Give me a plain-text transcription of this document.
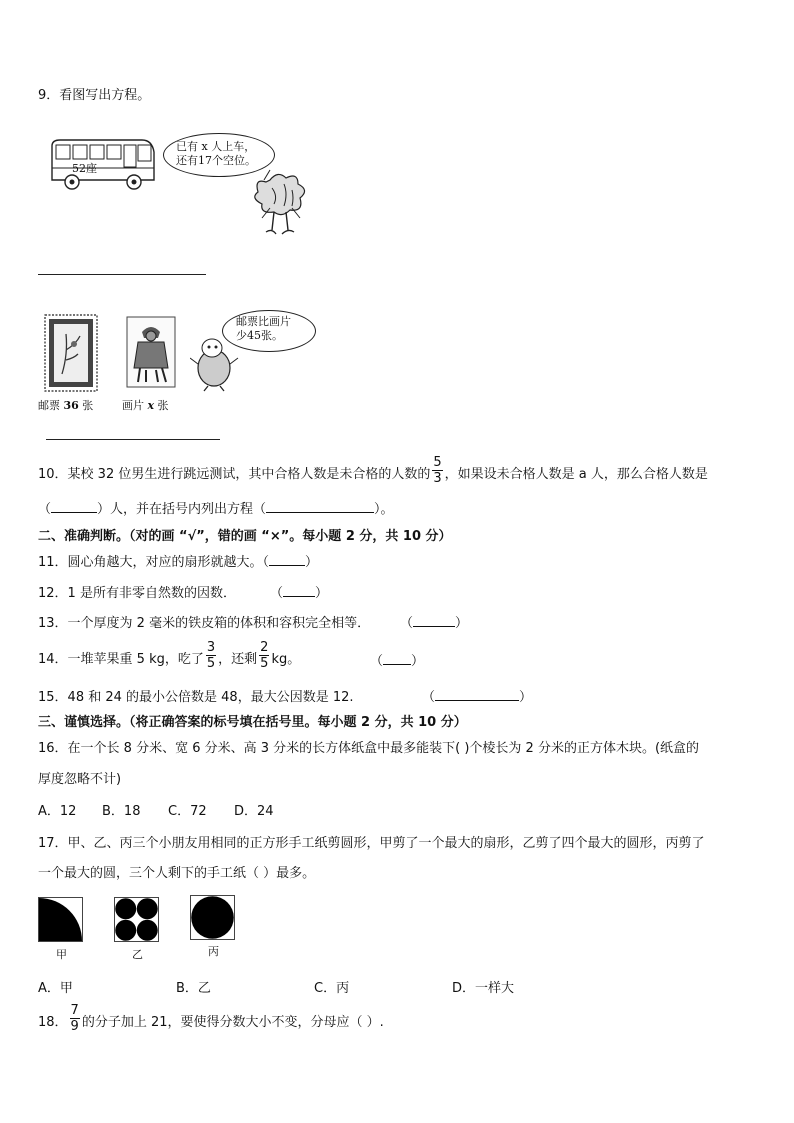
9．看图写出方程。
52座
已有 x 人上车，
还有17个空位。
邮票比画片
少45张。
邮票 36 张	画片 x 张
10．某校 32 位男生进行跳远测试，其中合格人数是未合格的人数的 $\frac{5}{3}$ ，如果设未合格人数是 a 人，那么合格人数是
（	）人，并在括号内列出方程（	）。
二、准确判断。（对的画 “√”，错的画 “×”。每小题 2 分，共 10 分）
11．圆心角越大，对应的扇形就越大。（	）
12．1 是所有非零自然数的因数．	（ ）
13．一个厚度为 2 毫米的铁皮箱的体积和容积完全相等． （	）
14．一堆苹果重 5 kg，吃了 $\frac{3}{5}$ ，还剩 $\frac{2}{5}$ kg。	（ ）
15．48 和 24 的最小公倍数是 48，最大公因数是 12.	（	）
三、谨慎选择。（将正确答案的标号填在括号里。每小题 2 分，共 10 分）
16．在一个长 8 分米、宽 6 分米、高 3 分米的长方体纸盒中最多能装下( )个棱长为 2 分米的正方体木块。(纸盒的
厚度忽略不计)
A．12 B．18 C．72 D．24
17．甲、乙、丙三个小朋友用相同的正方形手工纸剪圆形，甲剪了一个最大的扇形，乙剪了四个最大的圆形，丙剪了
一个最大的圆，三个人剩下的手工纸（ ）最多。
甲	乙	丙
A．甲	B．乙	C．丙	D．一样大
18． $\frac{7}{9}$ 的分子加上 21，要使得分数大小不变，分母应（ ）.
